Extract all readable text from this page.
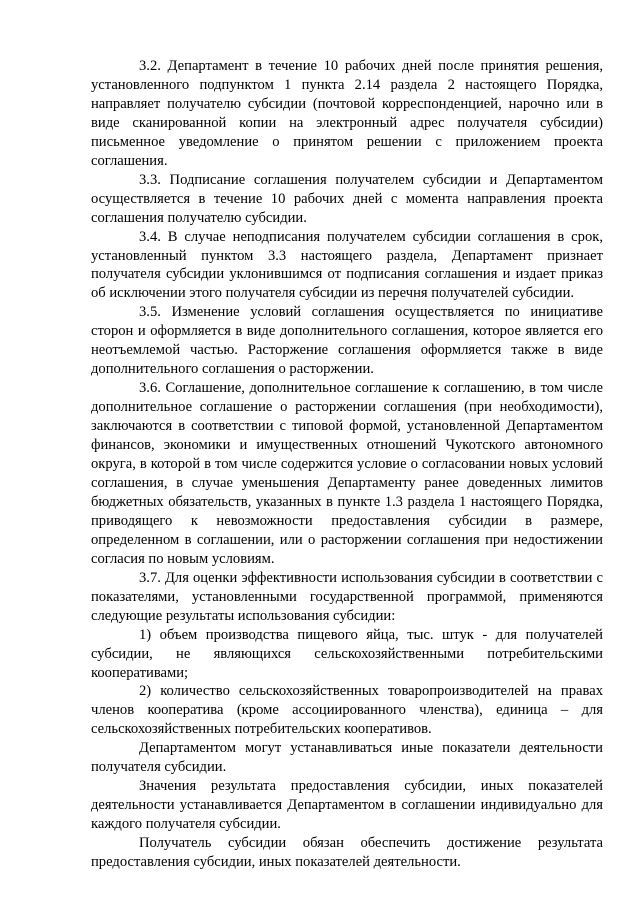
3.2. Департамент в течение 10 рабочих дней после принятия решения, установленного подпунктом 1 пункта 2.14 раздела 2 настоящего Порядка, направляет получателю субсидии (почтовой корреспонденцией, нарочно или в виде сканированной копии на электронный адрес получателя субсидии) письменное уведомление о принятом решении с приложением проекта соглашения.

3.3. Подписание соглашения получателем субсидии и Департаментом осуществляется в течение 10 рабочих дней с момента направления проекта соглашения получателю субсидии.

3.4. В случае неподписания получателем субсидии соглашения в срок, установленный пунктом 3.3 настоящего раздела, Департамент признает получателя субсидии уклонившимся от подписания соглашения и издает приказ об исключении этого получателя субсидии из перечня получателей субсидии.

3.5. Изменение условий соглашения осуществляется по инициативе сторон и оформляется в виде дополнительного соглашения, которое является его неотъемлемой частью. Расторжение соглашения оформляется также в виде дополнительного соглашения о расторжении.

3.6. Соглашение, дополнительное соглашение к соглашению, в том числе дополнительное соглашение о расторжении соглашения (при необходимости), заключаются в соответствии с типовой формой, установленной Департаментом финансов, экономики и имущественных отношений Чукотского автономного округа, в которой в том числе содержится условие о согласовании новых условий соглашения, в случае уменьшения Департаменту ранее доведенных лимитов бюджетных обязательств, указанных в пункте 1.3 раздела 1 настоящего Порядка, приводящего к невозможности предоставления субсидии в размере, определенном в соглашении, или о расторжении соглашения при недостижении согласия по новым условиям.

3.7. Для оценки эффективности использования субсидии в соответствии с показателями, установленными государственной программой, применяются следующие результаты использования субсидии:

1) объем производства пищевого яйца, тыс. штук - для получателей субсидии, не являющихся сельскохозяйственными потребительскими кооперативами;

2) количество сельскохозяйственных товаропроизводителей на правах членов кооператива (кроме ассоциированного членства), единица – для сельскохозяйственных потребительских кооперативов.

Департаментом могут устанавливаться иные показатели деятельности получателя субсидии.

Значения результата предоставления субсидии, иных показателей деятельности устанавливается Департаментом в соглашении индивидуально для каждого получателя субсидии.

Получатель субсидии обязан обеспечить достижение результата предоставления субсидии, иных показателей деятельности.
